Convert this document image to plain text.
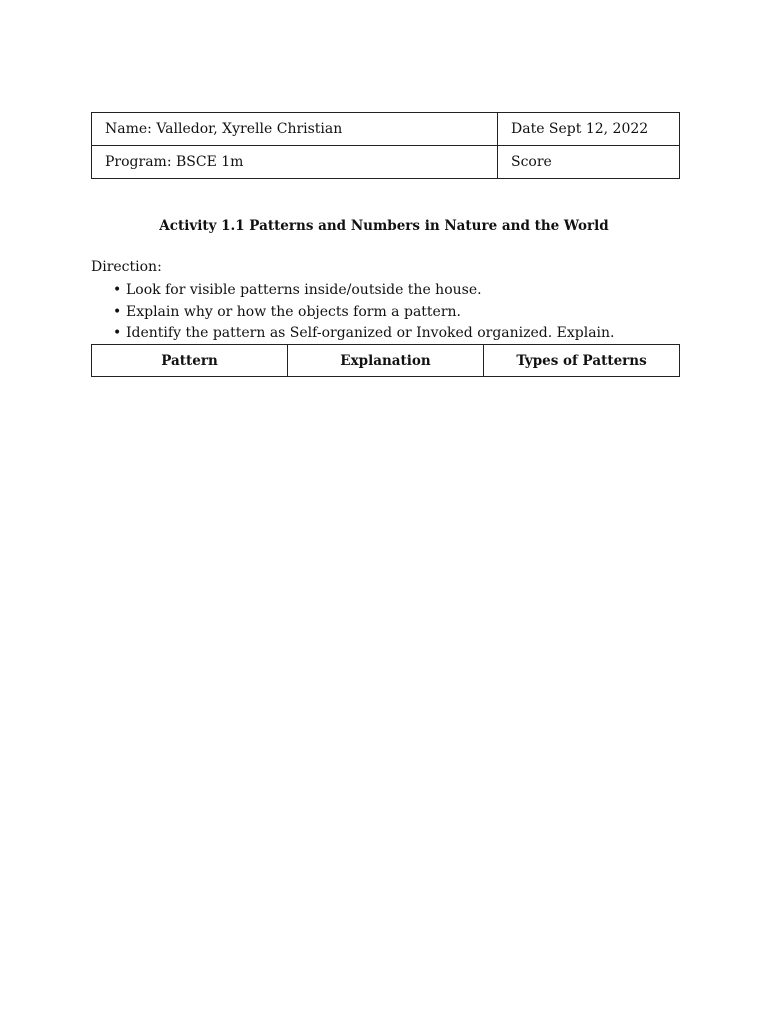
Name: Valledor, Xyrelle Christian	Date Sept 12, 2022
Program: BSCE 1m	Score
Activity 1.1 Patterns and Numbers in Nature and the World
Direction:
• Look for visible patterns inside/outside the house.
• Explain why or how the objects form a pattern.
• Identify the pattern as Self-organized or Invoked organized. Explain.
Pattern	Explanation	Types of Patterns
